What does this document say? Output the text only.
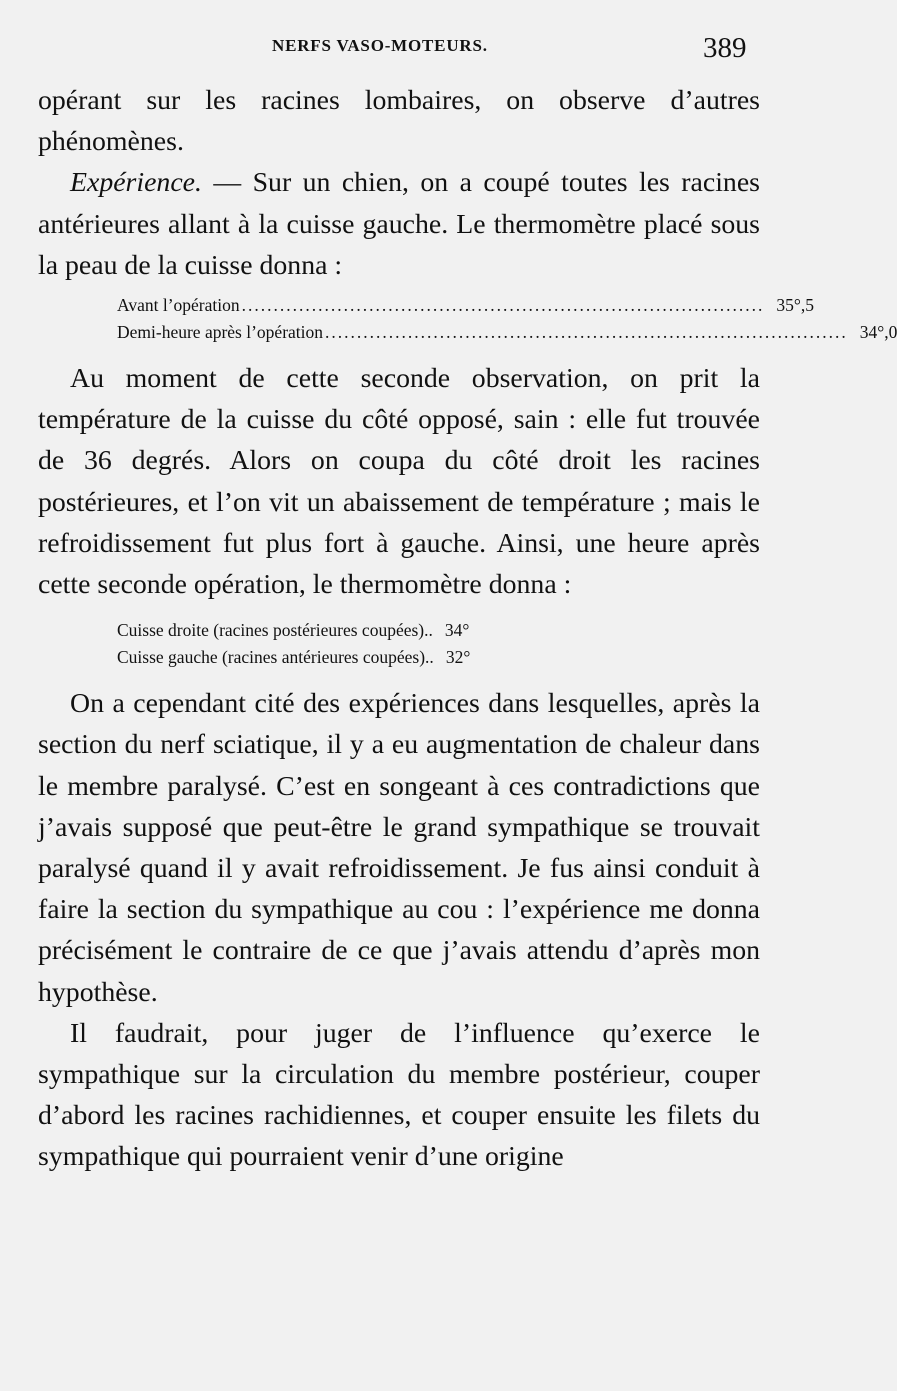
NERFS VASO-MOTEURS.	389

opérant sur les racines lombaires, on observe d’autres phénomènes.

Expérience. — Sur un chien, on a coupé toutes les racines antérieures allant à la cuisse gauche. Le thermomètre placé sous la peau de la cuisse donna :

Avant l’opération .................................................................................. 35°,5
Demi-heure après l’opération .................................................................................. 34°,0

Au moment de cette seconde observation, on prit la température de la cuisse du côté opposé, sain : elle fut trouvée de 36 degrés. Alors on coupa du côté droit les racines postérieures, et l’on vit un abaissement de température ; mais le refroidissement fut plus fort à gauche. Ainsi, une heure après cette seconde opération, le thermomètre donna :

Cuisse droite (racines postérieures coupées).. 34°
Cuisse gauche (racines antérieures coupées).. 32°

On a cependant cité des expériences dans lesquelles, après la section du nerf sciatique, il y a eu augmentation de chaleur dans le membre paralysé. C’est en songeant à ces contradictions que j’avais supposé que peut-être le grand sympathique se trouvait paralysé quand il y avait refroidissement. Je fus ainsi conduit à faire la section du sympathique au cou : l’expérience me donna précisément le contraire de ce que j’avais attendu d’après mon hypothèse.

Il faudrait, pour juger de l’influence qu’exerce le sympathique sur la circulation du membre postérieur, couper d’abord les racines rachidiennes, et couper ensuite les filets du sympathique qui pourraient venir d’une origine
